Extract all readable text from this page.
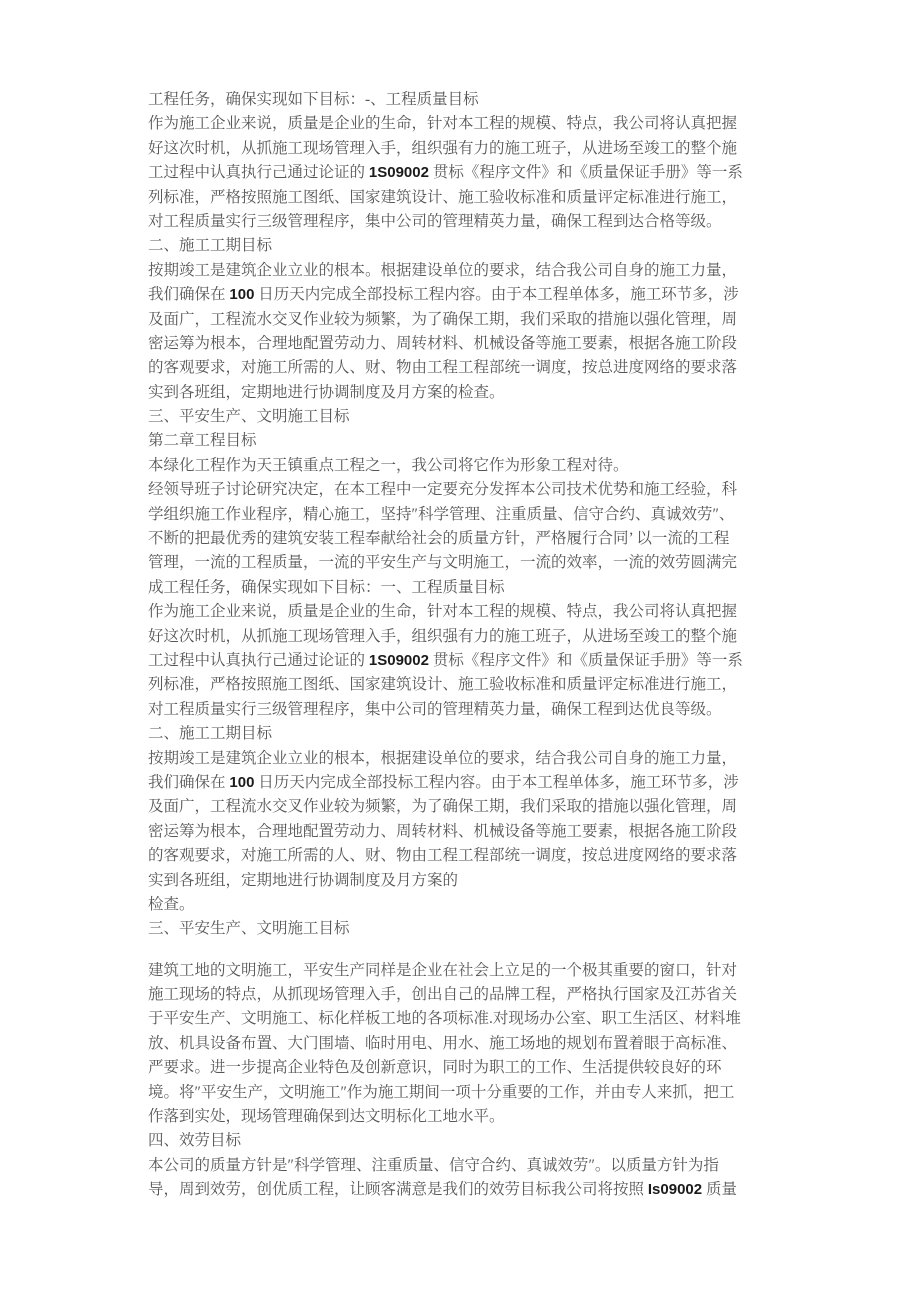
工程任务，确保实现如下目标：-、工程质量目标
作为施工企业来说，质量是企业的生命，针对本工程的规模、特点，我公司将认真把握
好这次时机，从抓施工现场管理入手，组织强有力的施工班子，从进场至竣工的整个施
工过程中认真执行己通过论证的 1S09002 贯标《程序文件》和《质量保证手册》等一系
列标准，严格按照施工图纸、国家建筑设计、施工验收标准和质量评定标准进行施工，
对工程质量实行三级管理程序，集中公司的管理精英力量，确保工程到达合格等级。
二、施工工期目标
按期竣工是建筑企业立业的根本。根据建设单位的要求，结合我公司自身的施工力量，
我们确保在 100 日历天内完成全部投标工程内容。由于本工程单体多，施工环节多，涉
及面广，工程流水交叉作业较为频繁，为了确保工期，我们采取的措施以强化管理，周
密运筹为根本，合理地配置劳动力、周转材料、机械设备等施工要素，根据各施工阶段
的客观要求，对施工所需的人、财、物由工程工程部统一调度，按总进度网络的要求落
实到各班组，定期地进行协调制度及月方案的检查。
三、平安生产、文明施工目标
第二章工程目标
本绿化工程作为天王镇重点工程之一，我公司将它作为形象工程对待。
经领导班子讨论研究决定，在本工程中一定要充分发挥本公司技术优势和施工经验，科
学组织施工作业程序，精心施工，坚持″科学管理、注重质量、信守合约、真诚效劳″、
不断的把最优秀的建筑安装工程奉献给社会的质量方针，严格履行合同’ 以一流的工程
管理，一流的工程质量，一流的平安生产与文明施工，一流的效率，一流的效劳圆满完
成工程任务，确保实现如下目标：一、工程质量目标
作为施工企业来说，质量是企业的生命，针对本工程的规模、特点，我公司将认真把握
好这次时机，从抓施工现场管理入手，组织强有力的施工班子，从进场至竣工的整个施
工过程中认真执行己通过论证的 1S09002 贯标《程序文件》和《质量保证手册》等一系
列标准，严格按照施工图纸、国家建筑设计、施工验收标准和质量评定标准进行施工，
对工程质量实行三级管理程序，集中公司的管理精英力量，确保工程到达优良等级。
二、施工工期目标
按期竣工是建筑企业立业的根本，根据建设单位的要求，结合我公司自身的施工力量，
我们确保在 100 日历天内完成全部投标工程内容。由于本工程单体多，施工环节多，涉
及面广，工程流水交叉作业较为频繁，为了确保工期，我们采取的措施以强化管理，周
密运筹为根本，合理地配置劳动力、周转材料、机械设备等施工要素，根据各施工阶段
的客观要求，对施工所需的人、财、物由工程工程部统一调度，按总进度网络的要求落
实到各班组，定期地进行协调制度及月方案的
检查。
三、平安生产、文明施工目标
建筑工地的文明施工，平安生产同样是企业在社会上立足的一个极其重要的窗口，针对
施工现场的特点，从抓现场管理入手，创出自己的品牌工程，严格执行国家及江苏省关
于平安生产、文明施工、标化样板工地的各项标准.对现场办公室、职工生活区、材料堆
放、机具设备布置、大门围墙、临时用电、用水、施工场地的规划布置着眼于高标准、
严要求。进一步提高企业特色及创新意识，同时为职工的工作、生活提供较良好的环
境。将″平安生产，文明施工″作为施工期间一项十分重要的工作，并由专人来抓，把工
作落到实处，现场管理确保到达文明标化工地水平。
四、效劳目标
本公司的质量方针是″科学管理、注重质量、信守合约、真诚效劳″。以质量方针为指
导，周到效劳，创优质工程，让顾客满意是我们的效劳目标我公司将按照 Is09002 质量
